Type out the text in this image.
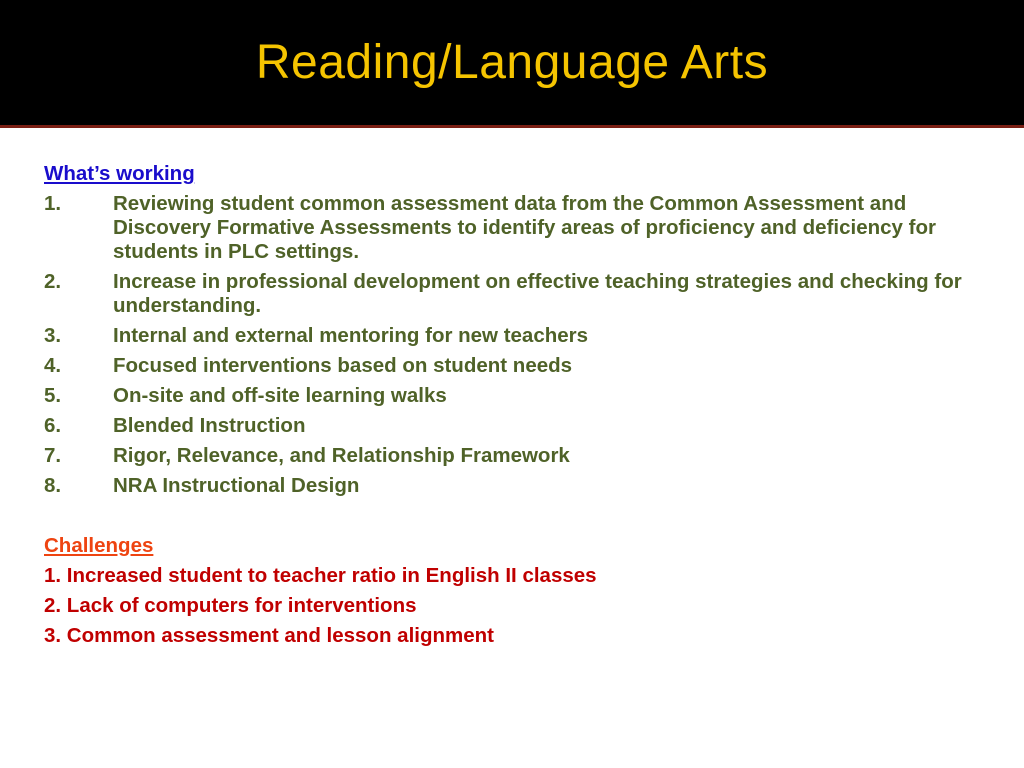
Reading/Language Arts
What’s working
1.	Reviewing student common assessment data from the Common Assessment and Discovery Formative Assessments to identify areas of proficiency and deficiency for students in PLC settings.
2.	Increase in professional development on effective teaching strategies and checking for understanding.
3.	Internal and external mentoring for new teachers
4.	Focused interventions based on student needs
5.	On-site and off-site learning walks
6.	Blended Instruction
7.	Rigor, Relevance, and Relationship Framework
8.	NRA Instructional Design
Challenges
1. Increased student to teacher ratio in English II classes
2. Lack of computers for interventions
3. Common assessment and lesson alignment
